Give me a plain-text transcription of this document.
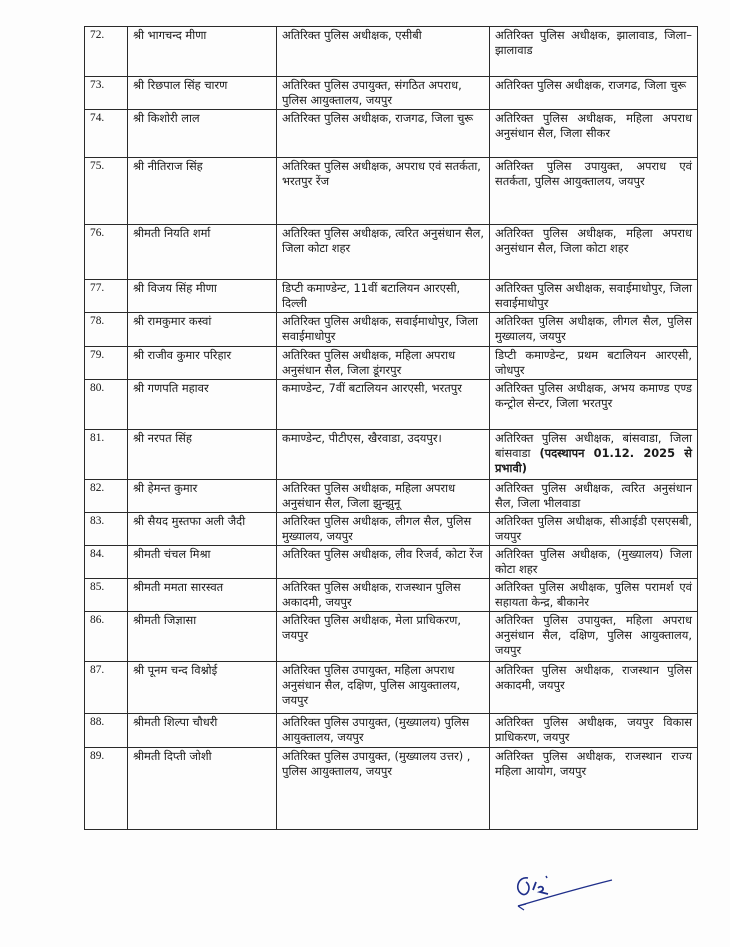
72.	श्री भागचन्द मीणा	अतिरिक्त पुलिस अधीक्षक, एसीबी	अतिरिक्त पुलिस अधीक्षक, झालावाड, जिला–झालावाड
73.	श्री रिछपाल सिंह चारण	अतिरिक्त पुलिस उपायुक्त, संगठित अपराध, पुलिस आयुक्तालय, जयपुर	अतिरिक्त पुलिस अधीक्षक, राजगढ, जिला चुरू
74.	श्री किशोरी लाल	अतिरिक्त पुलिस अधीक्षक, राजगढ, जिला चुरू	अतिरिक्त पुलिस अधीक्षक, महिला अपराध अनुसंधान सैल, जिला सीकर
75.	श्री नीतिराज सिंह	अतिरिक्त पुलिस अधीक्षक, अपराध एवं सतर्कता, भरतपुर रेंज	अतिरिक्त पुलिस उपायुक्त, अपराध एवं सतर्कता, पुलिस आयुक्तालय, जयपुर
76.	श्रीमती नियति शर्मा	अतिरिक्त पुलिस अधीक्षक, त्वरित अनुसंधान सैल, जिला कोटा शहर	अतिरिक्त पुलिस अधीक्षक, महिला अपराध अनुसंधान सैल, जिला कोटा शहर
77.	श्री विजय सिंह मीणा	डिप्टी कमाण्डेन्ट, 11वीं बटालियन आरएसी, दिल्ली	अतिरिक्त पुलिस अधीक्षक, सवाईमाधोपुर, जिला सवाईमाधोपुर
78.	श्री रामकुमार कस्वां	अतिरिक्त पुलिस अधीक्षक, सवाईमाधोपुर, जिला सवाईमाधोपुर	अतिरिक्त पुलिस अधीक्षक, लीगल सैल, पुलिस मुख्यालय, जयपुर
79.	श्री राजीव कुमार परिहार	अतिरिक्त पुलिस अधीक्षक, महिला अपराध अनुसंधान सैल, जिला डूंगरपुर	डिप्टी कमाण्डेन्ट, प्रथम बटालियन आरएसी, जोधपुर
80.	श्री गणपति महावर	कमाण्डेन्ट, 7वीं बटालियन आरएसी, भरतपुर	अतिरिक्त पुलिस अधीक्षक, अभय कमाण्ड एण्ड कन्ट्रोल सेन्टर, जिला भरतपुर
81.	श्री नरपत सिंह	कमाण्डेन्ट, पीटीएस, खैरवाडा, उदयपुर।	अतिरिक्त पुलिस अधीक्षक, बांसवाडा, जिला बांसवाडा (पदस्थापन 01.12. 2025 से प्रभावी)
82.	श्री हेमन्त कुमार	अतिरिक्त पुलिस अधीक्षक, महिला अपराध अनुसंधान सैल, जिला झुन्झुनू	अतिरिक्त पुलिस अधीक्षक, त्वरित अनुसंधान सैल, जिला भीलवाडा
83.	श्री सैयद मुस्तफा अली जैदी	अतिरिक्त पुलिस अधीक्षक, लीगल सैल, पुलिस मुख्यालय, जयपुर	अतिरिक्त पुलिस अधीक्षक, सीआईडी एसएसबी, जयपुर
84.	श्रीमती चंचल मिश्रा	अतिरिक्त पुलिस अधीक्षक, लीव रिजर्व, कोटा रेंज	अतिरिक्त पुलिस अधीक्षक, (मुख्यालय) जिला कोटा शहर
85.	श्रीमती ममता सारस्वत	अतिरिक्त पुलिस अधीक्षक, राजस्थान पुलिस अकादमी, जयपुर	अतिरिक्त पुलिस अधीक्षक, पुलिस परामर्श एवं सहायता केन्द्र, बीकानेर
86.	श्रीमती जिज्ञासा	अतिरिक्त पुलिस अधीक्षक, मेला प्राधिकरण, जयपुर	अतिरिक्त पुलिस उपायुक्त, महिला अपराध अनुसंधान सैल, दक्षिण, पुलिस आयुक्तालय, जयपुर
87.	श्री पूनम चन्द विश्नोई	अतिरिक्त पुलिस उपायुक्त, महिला अपराध अनुसंधान सैल, दक्षिण, पुलिस आयुक्तालय, जयपुर	अतिरिक्त पुलिस अधीक्षक, राजस्थान पुलिस अकादमी, जयपुर
88.	श्रीमती शिल्पा चौधरी	अतिरिक्त पुलिस उपायुक्त, (मुख्यालय) पुलिस आयुक्तालय, जयपुर	अतिरिक्त पुलिस अधीक्षक, जयपुर विकास प्राधिकरण, जयपुर
89.	श्रीमती दिप्ती जोशी	अतिरिक्त पुलिस उपायुक्त, (मुख्यालय उत्तर) , पुलिस आयुक्तालय, जयपुर	अतिरिक्त पुलिस अधीक्षक, राजस्थान राज्य महिला आयोग, जयपुर
